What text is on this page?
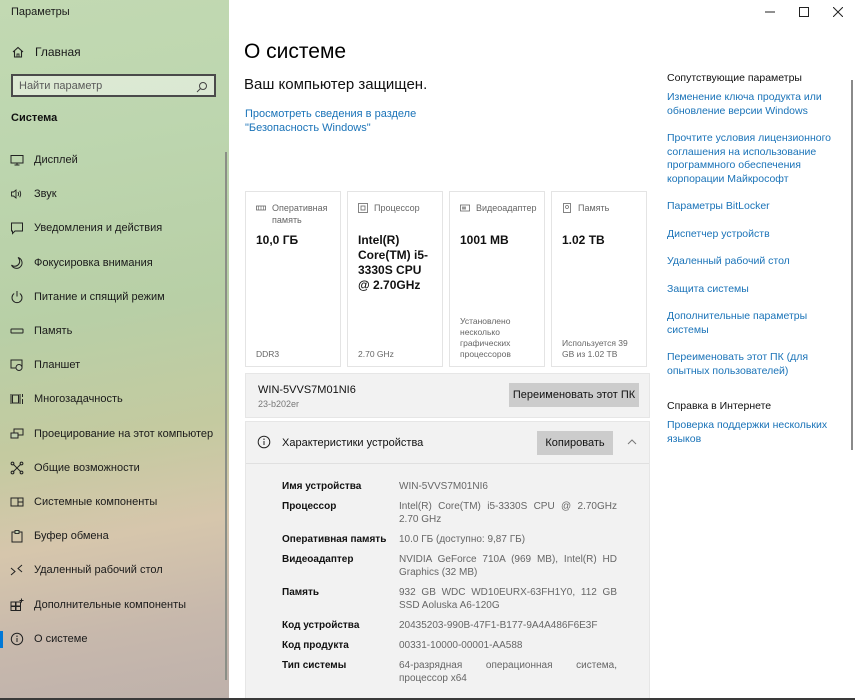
Параметры
Главная
Найти параметр
Система
Дисплей
Звук
Уведомления и действия
Фокусировка внимания
Питание и спящий режим
Память
Планшет
Многозадачность
Проецирование на этот компьютер
Общие возможности
Системные компоненты
Буфер обмена
Удаленный рабочий стол
Дополнительные компоненты
О системе
О системе
Ваш компьютер защищен.
Просмотреть сведения в разделе "Безопасность Windows"
Оперативная память
10,0 ГБ
DDR3
Процессор
Intel(R) Core(TM) i5-3330S CPU @ 2.70GHz
2.70 GHz
Видеоадаптер
1001 MB
Установлено несколько графических процессоров
Память
1.02 TB
Используется 39 GB из 1.02 TB
WIN-5VVS7M01NI6
23-b202er
Переименовать этот ПК
Характеристики устройства	Копировать
Имя устройства	WIN-5VVS7M01NI6
Процессор	Intel(R) Core(TM) i5-3330S CPU @ 2.70GHz 2.70 GHz
Оперативная память	10.0 ГБ (доступно: 9,87 ГБ)
Видеоадаптер	NVIDIA GeForce 710A (969 MB), Intel(R) HD Graphics (32 MB)
Память	932 GB WDC WD10EURX-63FH1Y0, 112 GB SSD Aoluska A6-120G
Код устройства	20435203-990B-47F1-B177-9A4A486F6E3F
Код продукта	00331-10000-00001-AA588
Тип системы	64-разрядная операционная система, процессор x64
Сопутствующие параметры
Изменение ключа продукта или обновление версии Windows
Прочтите условия лицензионного соглашения на использование программного обеспечения корпорации Майкрософт
Параметры BitLocker
Диспетчер устройств
Удаленный рабочий стол
Защита системы
Дополнительные параметры системы
Переименовать этот ПК (для опытных пользователей)
Справка в Интернете
Проверка поддержки нескольких языков
